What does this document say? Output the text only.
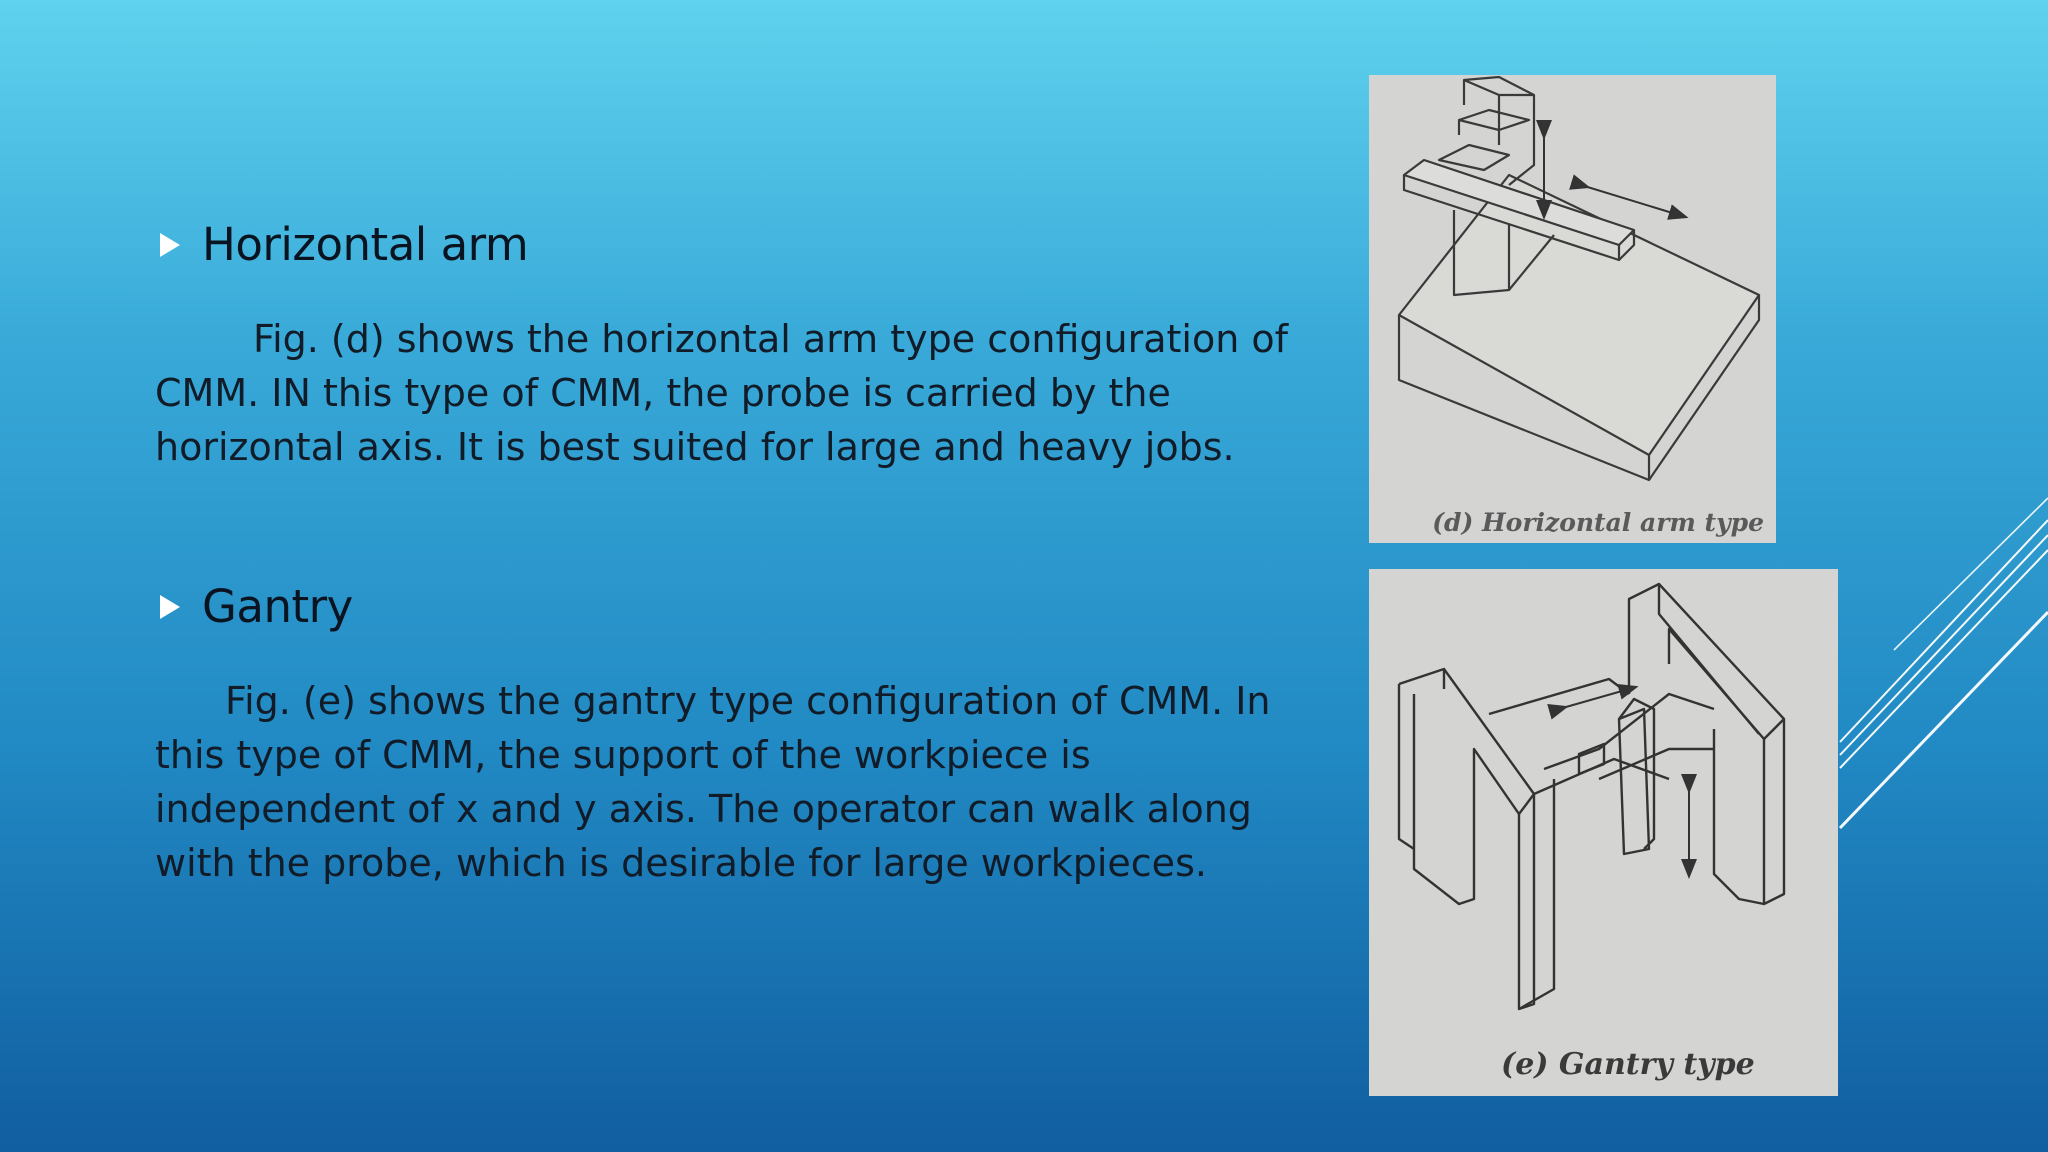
Horizontal arm
Fig. (d) shows the horizontal arm type configuration of
CMM. IN this type of CMM, the probe is carried by the
horizontal axis. It is best suited for large and heavy jobs.
Gantry
Fig. (e) shows the gantry type configuration of CMM. In
this type of CMM, the support of the workpiece is
independent of x and y axis. The operator can walk along
with the probe, which is desirable for large workpieces.
(d) Horizontal arm type
(e) Gantry type
